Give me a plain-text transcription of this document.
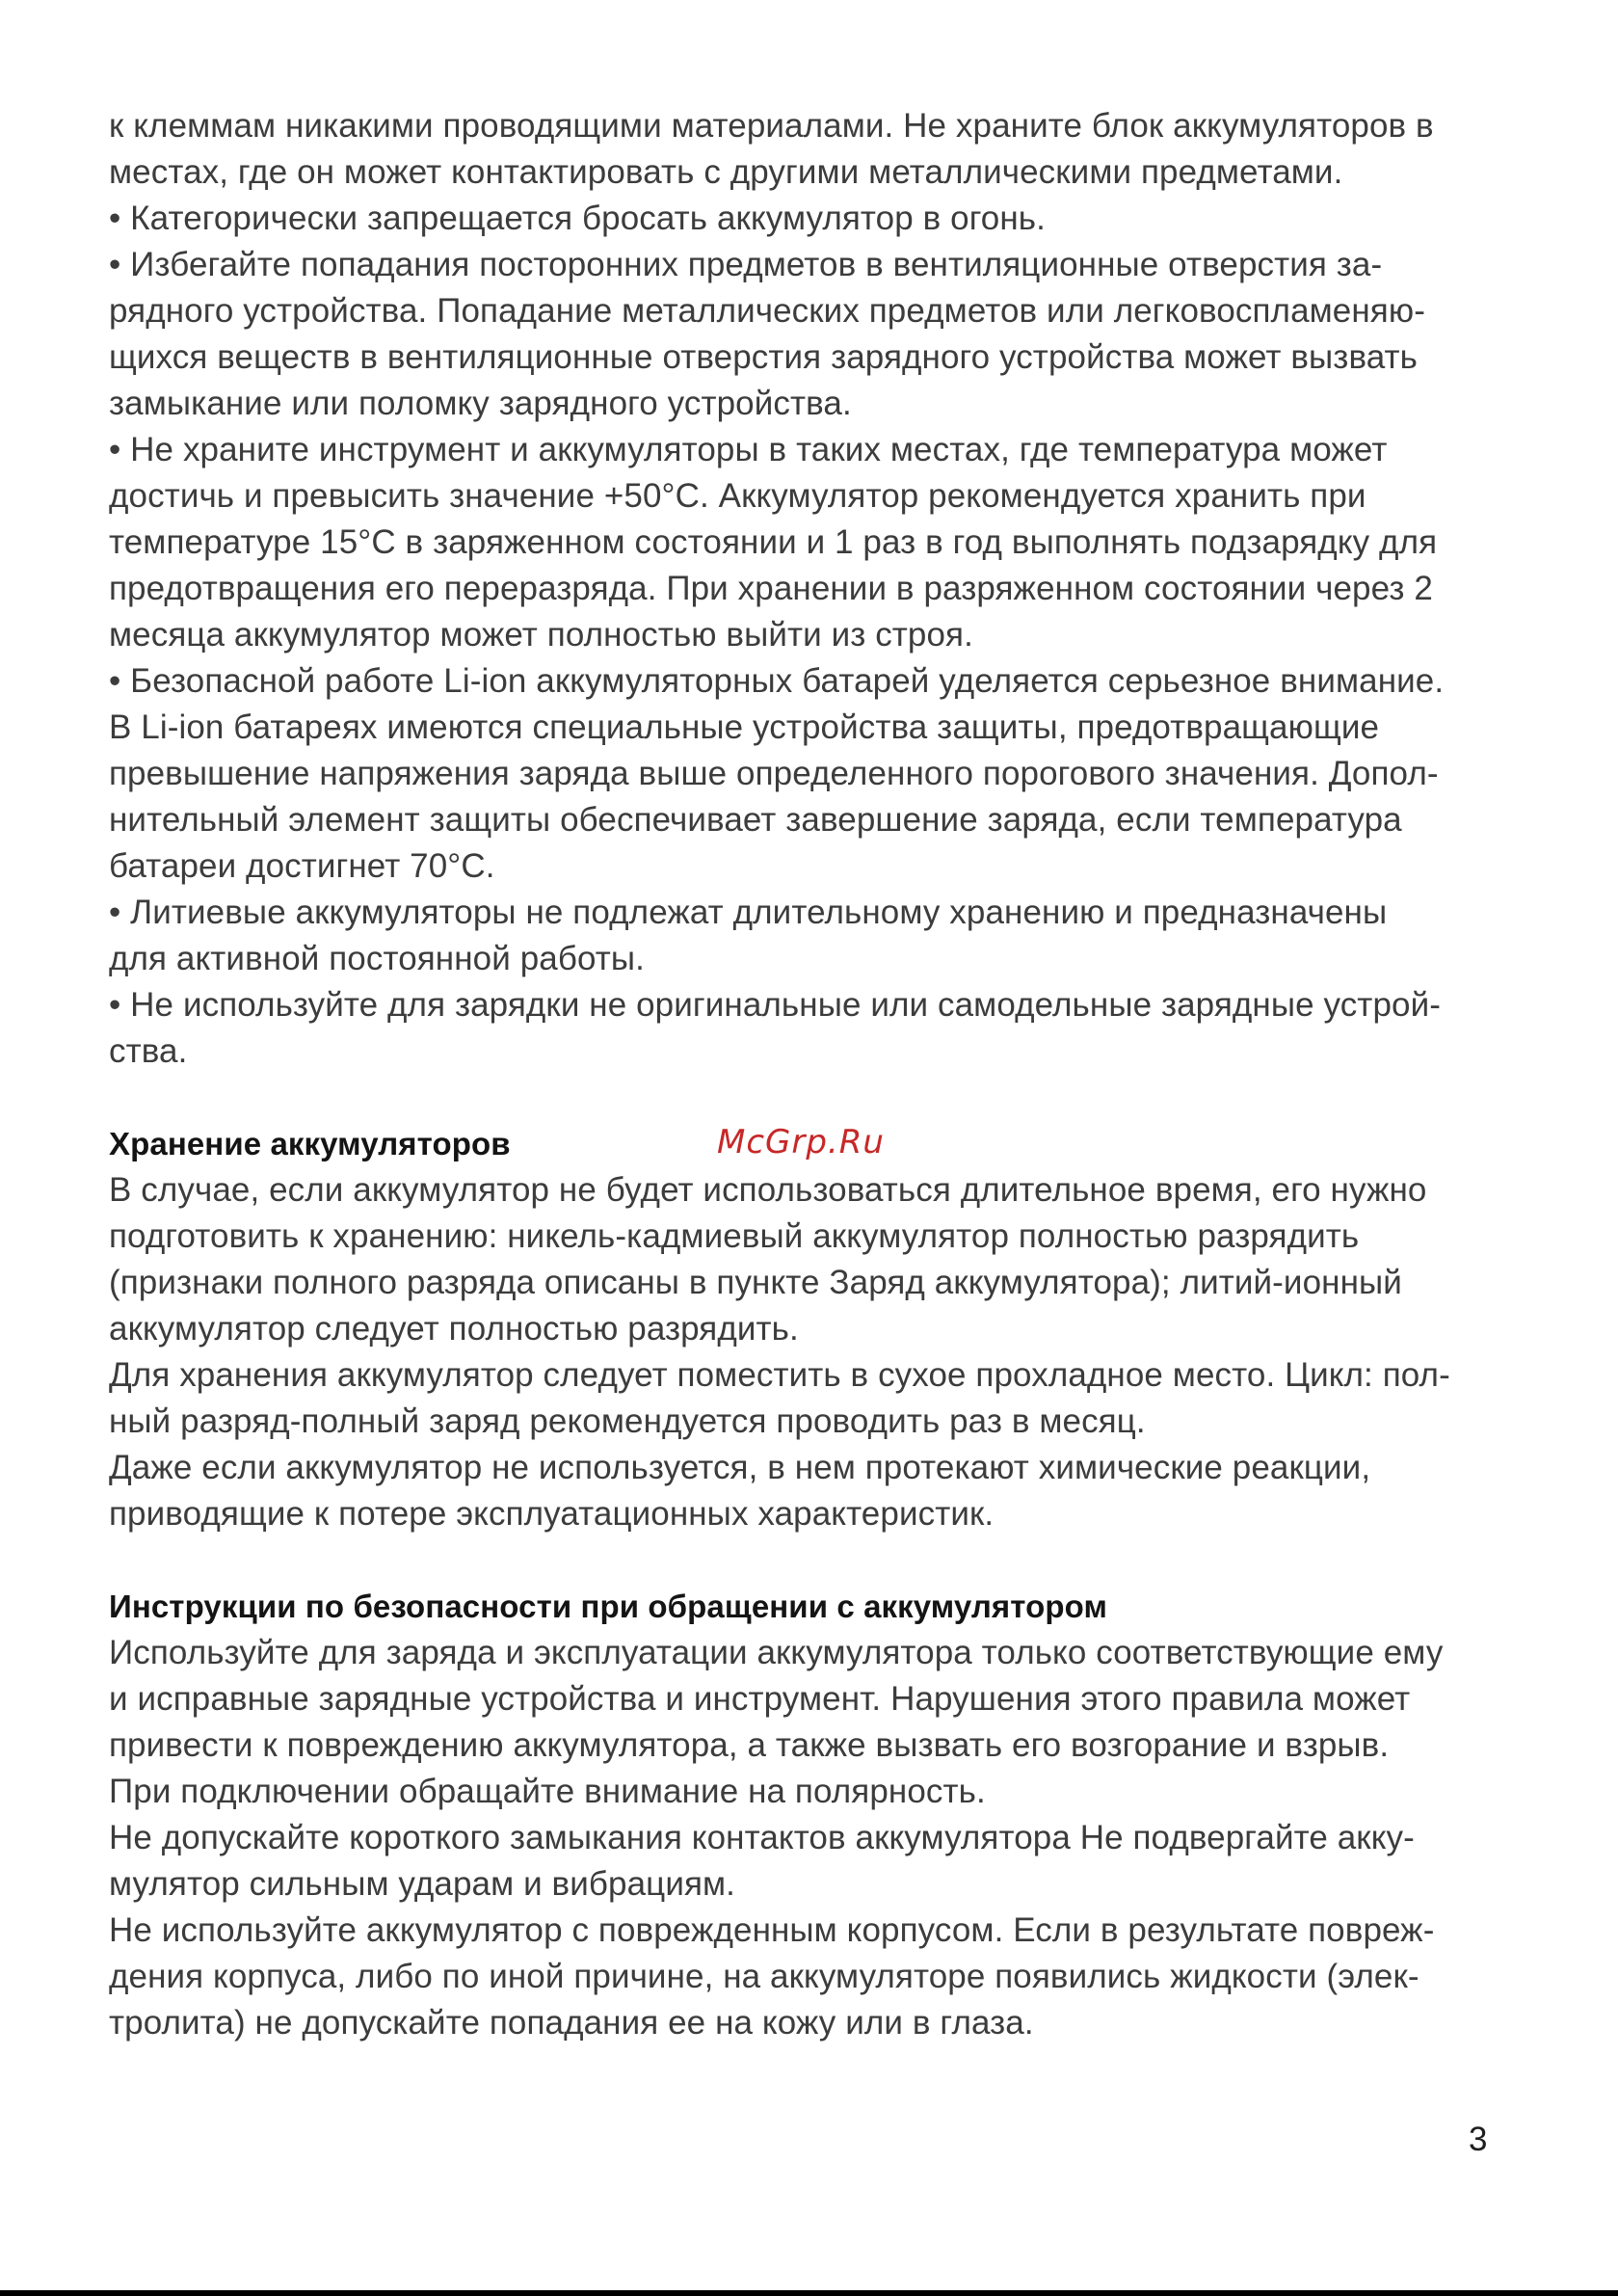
к клеммам никакими проводящими материалами. Не храните блок аккумуляторов в
местах, где он может контактировать с другими металлическими предметами.
• Категорически запрещается бросать аккумулятор в огонь.
• Избегайте попадания посторонних предметов в вентиляционные отверстия за-
рядного устройства. Попадание металлических предметов или легковоспламеняю-
щихся веществ в вентиляционные отверстия зарядного устройства может вызвать
замыкание или поломку зарядного устройства.
• Не храните инструмент и аккумуляторы в таких местах, где температура может
достичь и превысить значение +50°С. Аккумулятор рекомендуется хранить при
температуре 15°С в заряженном состоянии и 1 раз в год выполнять подзарядку для
предотвращения его переразряда. При хранении в разряженном состоянии через 2
месяца аккумулятор может полностью выйти из строя.
• Безопасной работе Li-ion аккумуляторных батарей уделяется серьезное внимание.
В Li-ion батареях имеются специальные устройства защиты, предотвращающие
превышение напряжения заряда выше определенного порогового значения. Допол-
нительный элемент защиты обеспечивает завершение заряда, если температура
батареи достигнет 70°С.
• Литиевые аккумуляторы не подлежат длительному хранению и предназначены
для активной постоянной работы.
• Не используйте для зарядки не оригинальные или самодельные зарядные устрой-
ства.
Хранение аккумуляторов
В случае, если аккумулятор не будет использоваться длительное время, его нужно
подготовить к хранению: никель-кадмиевый аккумулятор полностью разрядить
(признаки полного разряда описаны в пункте Заряд аккумулятора); литий-ионный
аккумулятор следует полностью разрядить.
Для хранения аккумулятор следует поместить в сухое прохладное место. Цикл: пол-
ный разряд-полный заряд рекомендуется проводить раз в месяц.
Даже если аккумулятор не используется, в нем протекают химические реакции,
приводящие к потере эксплуатационных характеристик.
Инструкции по безопасности при обращении с аккумулятором
Используйте для заряда и эксплуатации аккумулятора только соответствующие ему
и исправные зарядные устройства и инструмент. Нарушения этого правила может
привести к повреждению аккумулятора, а также вызвать его возгорание и взрыв.
При подключении обращайте внимание на полярность.
Не допускайте короткого замыкания контактов аккумулятора Не подвергайте акку-
мулятор сильным ударам и вибрациям.
Не используйте аккумулятор с поврежденным корпусом. Если в результате повреж-
дения корпуса, либо по иной причине, на аккумуляторе появились жидкости (элек-
тролита) не допускайте попадания ее на кожу или в глаза.
McGrp.Ru
3
